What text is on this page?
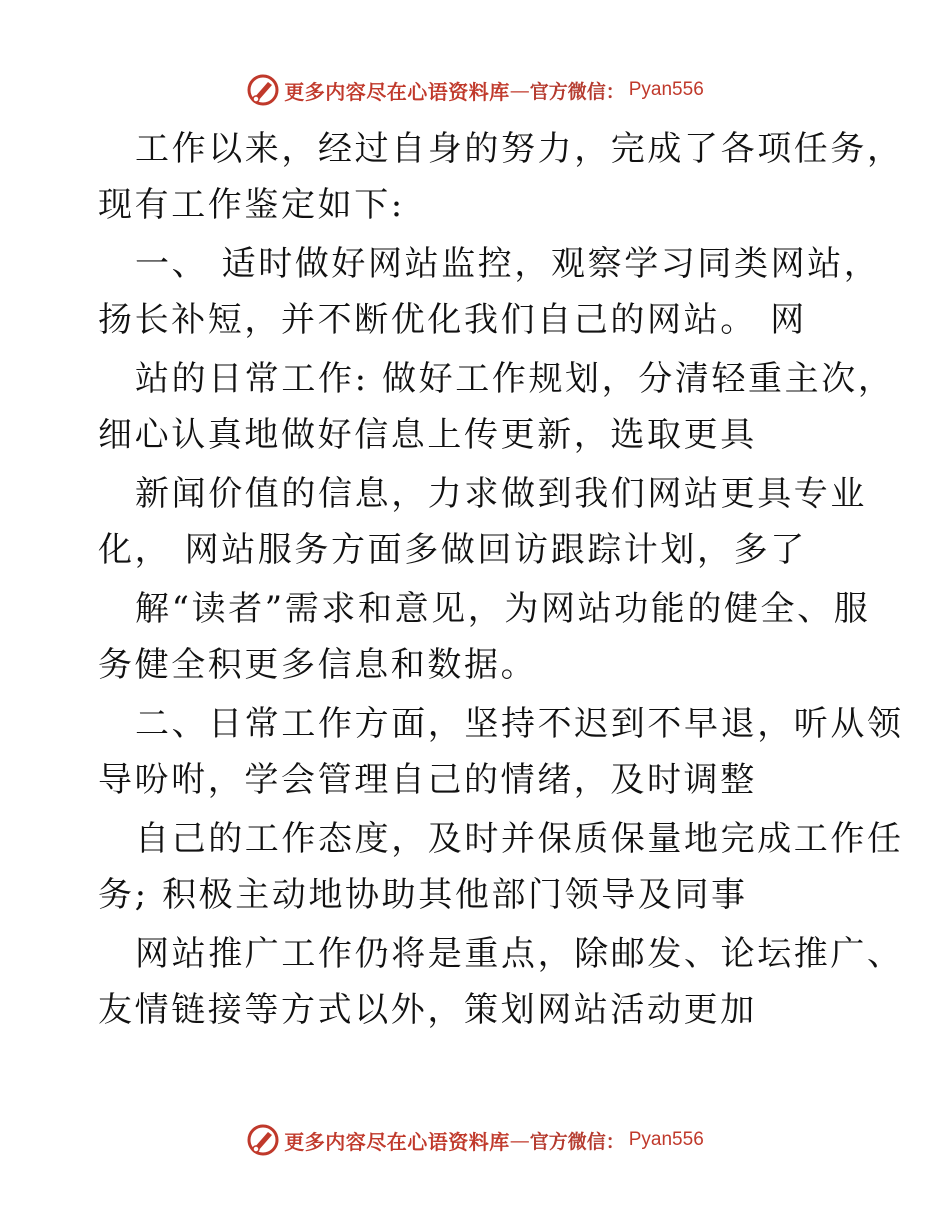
更多内容尽在心语资料库 — 官方微信： Pyan556
工作以来，经过自身的努力，完成了各项任务，
现有工作鉴定如下:
一、 适时做好网站监控，观察学习同类网站，
扬长补短，并不断优化我们自己的网站。 网
站的日常工作: 做好工作规划，分清轻重主次，
细心认真地做好信息上传更新，选取更具
新闻价值的信息，力求做到我们网站更具专业
化， 网站服务方面多做回访跟踪计划，多了
解“读者”需求和意见，为网站功能的健全、服
务健全积更多信息和数据。
二、日常工作方面，坚持不迟到不早退，听从领
导吩咐，学会管理自己的情绪，及时调整
自己的工作态度，及时并保质保量地完成工作任
务; 积极主动地协助其他部门领导及同事
网站推广工作仍将是重点，除邮发、论坛推广、
友情链接等方式以外，策划网站活动更加
更多内容尽在心语资料库 — 官方微信： Pyan556
